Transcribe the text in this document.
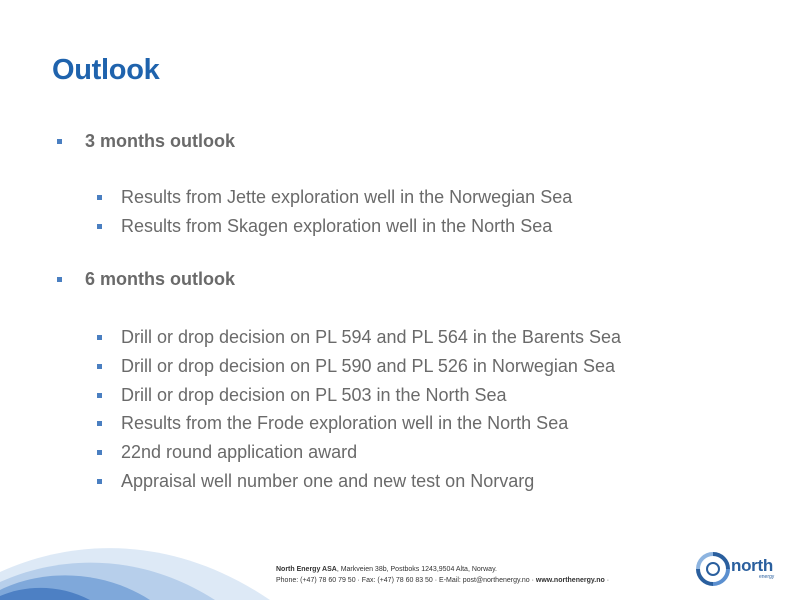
Outlook
3 months outlook
Results from Jette exploration well in the Norwegian Sea
Results from Skagen exploration well in the North Sea
6 months outlook
Drill or drop decision on PL 594 and PL 564 in the Barents Sea
Drill or drop decision on PL 590 and PL 526 in Norwegian Sea
Drill or drop decision on PL 503 in the North Sea
Results from the Frode exploration well in the North Sea
22nd round application award
Appraisal well number one and new test on Norvarg
North Energy ASA, Markveien 38b, Postboks 1243,9504 Alta, Norway.
Phone: (+47) 78 60 79 50 · Fax: (+47) 78 60 83 50 · E-Mail: post@northenergy.no · www.northenergy.no ·
north
energy
